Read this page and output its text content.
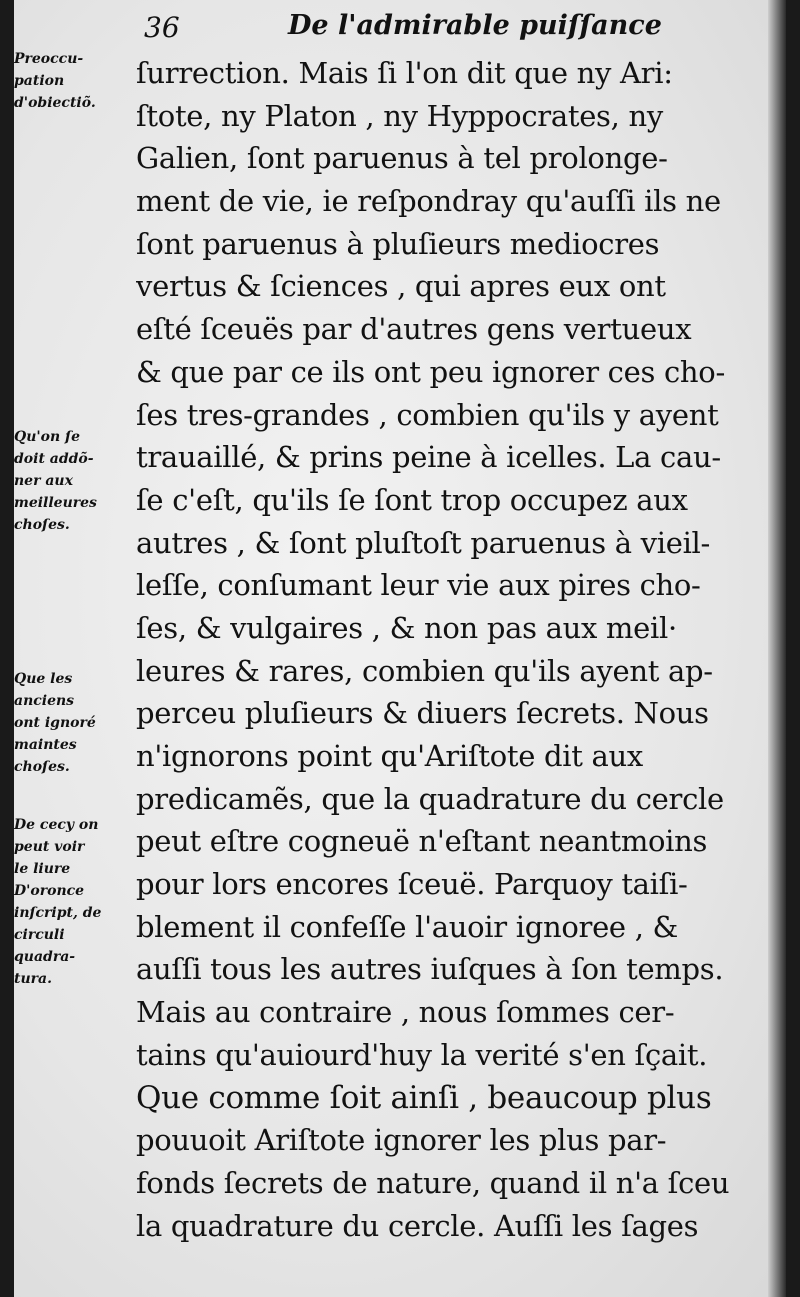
36	De l'admirable puiſſance
Preoccu-
pation
d'obiectiõ.
Qu'on ſe
doit addõ-
ner aux
meilleures
choſes.
Que les
anciens
ont ignoré
maintes
choſes.
De cecy on
peut voir
le liure
D'oronce
inſcript, de
circuli
quadra-
tura.
ſurrection. Mais ſi l'on dit que ny Ari:
ſtote, ny Platon , ny Hyppocrates, ny
Galien, ſont paruenus à tel prolonge-
ment de vie, ie reſpondray qu'auſſi ils ne
ſont paruenus à pluſieurs mediocres
vertus & ſciences , qui apres eux ont
eſté ſceuës par d'autres gens vertueux
& que par ce ils ont peu ignorer ces cho-
ſes tres-grandes , combien qu'ils y ayent
trauaillé, & prins peine à icelles. La cau-
ſe c'eſt, qu'ils ſe ſont trop occupez aux
autres , & ſont pluſtoſt paruenus à vieil-
leſſe, conſumant leur vie aux pires cho-
ſes, & vulgaires , & non pas aux meil·
leures & rares, combien qu'ils ayent ap-
perceu pluſieurs & diuers ſecrets. Nous
n'ignorons point qu'Ariſtote dit aux
predicamẽs, que la quadrature du cercle
peut eſtre cogneuë n'eſtant neantmoins
pour lors encores ſceuë. Parquoy taiſi-
blement il confeſſe l'auoir ignoree , &
auſſi tous les autres iuſques à ſon temps.
Mais au contraire , nous ſommes cer-
tains qu'auiourd'huy la verité s'en ſçait.
Que comme ſoit ainſi , beaucoup plus
pouuoit Ariſtote ignorer les plus par-
fonds ſecrets de nature, quand il n'a ſceu
la quadrature du cercle. Auſſi les ſages
